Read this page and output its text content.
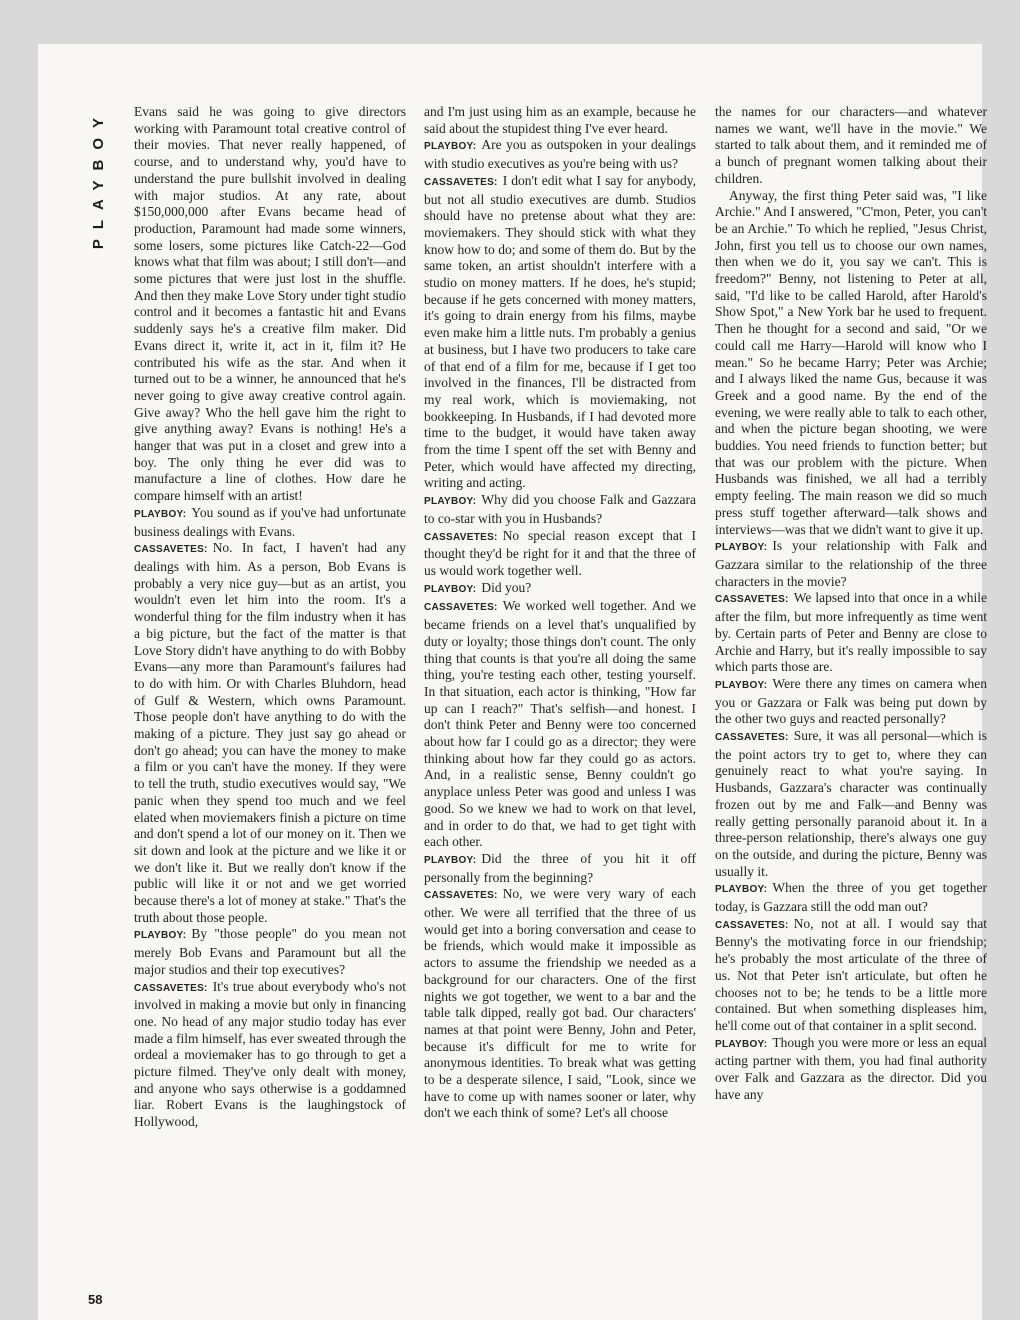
PLAYBOY
58

Evans said he was going to give directors working with Paramount total creative control of their movies. That never really happened, of course, and to understand why, you'd have to understand the pure bullshit involved in dealing with major studios. At any rate, about $150,000,000 after Evans became head of production, Paramount had made some winners, some losers, some pictures like Catch-22—God knows what that film was about; I still don't—and some pictures that were just lost in the shuffle. And then they make Love Story under tight studio control and it becomes a fantastic hit and Evans suddenly says he's a creative film maker. Did Evans direct it, write it, act in it, film it? He contributed his wife as the star. And when it turned out to be a winner, he announced that he's never going to give away creative control again. Give away? Who the hell gave him the right to give anything away? Evans is nothing! He's a hanger that was put in a closet and grew into a boy. The only thing he ever did was to manufacture a line of clothes. How dare he compare himself with an artist!

PLAYBOY: You sound as if you've had unfortunate business dealings with Evans.

CASSAVETES: No. In fact, I haven't had any dealings with him. As a person, Bob Evans is probably a very nice guy—but as an artist, you wouldn't even let him into the room. It's a wonderful thing for the film industry when it has a big picture, but the fact of the matter is that Love Story didn't have anything to do with Bobby Evans—any more than Paramount's failures had to do with him. Or with Charles Bluhdorn, head of Gulf & Western, which owns Paramount. Those people don't have anything to do with the making of a picture. They just say go ahead or don't go ahead; you can have the money to make a film or you can't have the money. If they were to tell the truth, studio executives would say, "We panic when they spend too much and we feel elated when moviemakers finish a picture on time and don't spend a lot of our money on it. Then we sit down and look at the picture and we like it or we don't like it. But we really don't know if the public will like it or not and we get worried because there's a lot of money at stake." That's the truth about those people.

PLAYBOY: By "those people" do you mean not merely Bob Evans and Paramount but all the major studios and their top executives?

CASSAVETES: It's true about everybody who's not involved in making a movie but only in financing one. No head of any major studio today has ever made a film himself, has ever sweated through the ordeal a moviemaker has to go through to get a picture filmed. They've only dealt with money, and anyone who says otherwise is a goddamned liar. Robert Evans is the laughingstock of Hollywood,

and I'm just using him as an example, because he said about the stupidest thing I've ever heard.

PLAYBOY: Are you as outspoken in your dealings with studio executives as you're being with us?

CASSAVETES: I don't edit what I say for anybody, but not all studio executives are dumb. Studios should have no pretense about what they are: moviemakers. They should stick with what they know how to do; and some of them do. But by the same token, an artist shouldn't interfere with a studio on money matters. If he does, he's stupid; because if he gets concerned with money matters, it's going to drain energy from his films, maybe even make him a little nuts. I'm probably a genius at business, but I have two producers to take care of that end of a film for me, because if I get too involved in the finances, I'll be distracted from my real work, which is moviemaking, not bookkeeping. In Husbands, if I had devoted more time to the budget, it would have taken away from the time I spent off the set with Benny and Peter, which would have affected my directing, writing and acting.

PLAYBOY: Why did you choose Falk and Gazzara to co-star with you in Husbands?

CASSAVETES: No special reason except that I thought they'd be right for it and that the three of us would work together well.

PLAYBOY: Did you?

CASSAVETES: We worked well together. And we became friends on a level that's unqualified by duty or loyalty; those things don't count. The only thing that counts is that you're all doing the same thing, you're testing each other, testing yourself. In that situation, each actor is thinking, "How far up can I reach?" That's selfish—and honest. I don't think Peter and Benny were too concerned about how far I could go as a director; they were thinking about how far they could go as actors. And, in a realistic sense, Benny couldn't go anyplace unless Peter was good and unless I was good. So we knew we had to work on that level, and in order to do that, we had to get tight with each other.

PLAYBOY: Did the three of you hit it off personally from the beginning?

CASSAVETES: No, we were very wary of each other. We were all terrified that the three of us would get into a boring conversation and cease to be friends, which would make it impossible as actors to assume the friendship we needed as a background for our characters. One of the first nights we got together, we went to a bar and the table talk dipped, really got bad. Our characters' names at that point were Benny, John and Peter, because it's difficult for me to write for anonymous identities. To break what was getting to be a desperate silence, I said, "Look, since we have to come up with names sooner or later, why don't we each think of some? Let's all choose

the names for our characters—and whatever names we want, we'll have in the movie." We started to talk about them, and it reminded me of a bunch of pregnant women talking about their children.

Anyway, the first thing Peter said was, "I like Archie." And I answered, "C'mon, Peter, you can't be an Archie." To which he replied, "Jesus Christ, John, first you tell us to choose our own names, then when we do it, you say we can't. This is freedom?" Benny, not listening to Peter at all, said, "I'd like to be called Harold, after Harold's Show Spot," a New York bar he used to frequent. Then he thought for a second and said, "Or we could call me Harry—Harold will know who I mean." So he became Harry; Peter was Archie; and I always liked the name Gus, because it was Greek and a good name. By the end of the evening, we were really able to talk to each other, and when the picture began shooting, we were buddies. You need friends to function better; but that was our problem with the picture. When Husbands was finished, we all had a terribly empty feeling. The main reason we did so much press stuff together afterward—talk shows and interviews—was that we didn't want to give it up.

PLAYBOY: Is your relationship with Falk and Gazzara similar to the relationship of the three characters in the movie?

CASSAVETES: We lapsed into that once in a while after the film, but more infrequently as time went by. Certain parts of Peter and Benny are close to Archie and Harry, but it's really impossible to say which parts those are.

PLAYBOY: Were there any times on camera when you or Gazzara or Falk was being put down by the other two guys and reacted personally?

CASSAVETES: Sure, it was all personal—which is the point actors try to get to, where they can genuinely react to what you're saying. In Husbands, Gazzara's character was continually frozen out by me and Falk—and Benny was really getting personally paranoid about it. In a three-person relationship, there's always one guy on the outside, and during the picture, Benny was usually it.

PLAYBOY: When the three of you get together today, is Gazzara still the odd man out?

CASSAVETES: No, not at all. I would say that Benny's the motivating force in our friendship; he's probably the most articulate of the three of us. Not that Peter isn't articulate, but often he chooses not to be; he tends to be a little more contained. But when something displeases him, he'll come out of that container in a split second.

PLAYBOY: Though you were more or less an equal acting partner with them, you had final authority over Falk and Gazzara as the director. Did you have any
